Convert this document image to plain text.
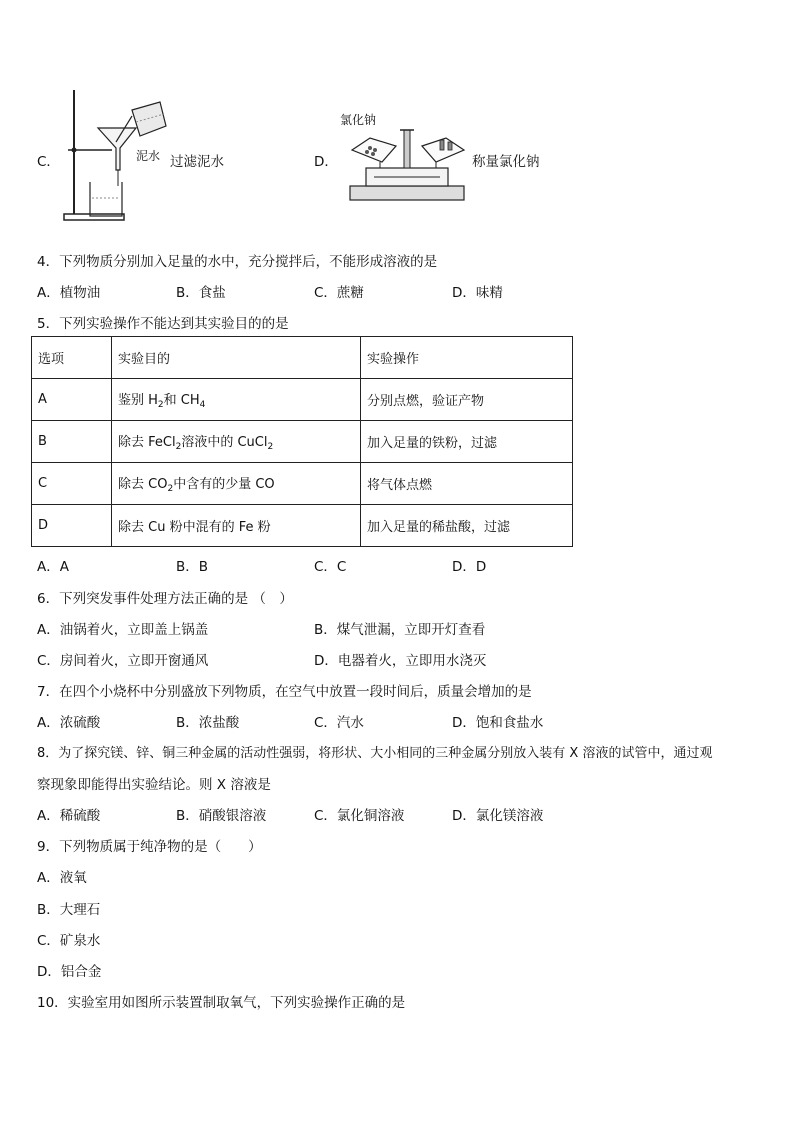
C．	泥水 过滤泥水	D．
氯化钠
称量氯化钠
4．下列物质分别加入足量的水中，充分搅拌后，不能形成溶液的是
A．植物油	B．食盐	C．蔗糖	D．味精
5．下列实验操作不能达到其实验目的的是
选项	实验目的	实验操作
A	鉴别 $H_2$和 $CH_4$	分别点燃，验证产物
B	除去 FeCl$_2$溶液中的 CuCl$_2$	加入足量的铁粉，过滤
C	除去 $CO_2$中含有的少量 CO	将气体点燃
D	除去 Cu 粉中混有的 Fe 粉	加入足量的稀盐酸，过滤
A．A	B．B	C．C	D．D
6．下列突发事件处理方法正确的是 （　）
A．油锅着火，立即盖上锅盖	B．煤气泄漏，立即开灯查看
C．房间着火，立即开窗通风	D．电器着火，立即用水浇灭
7．在四个小烧杯中分别盛放下列物质，在空气中放置一段时间后，质量会增加的是
A．浓硫酸	B．浓盐酸	C．汽水	D．饱和食盐水
8．为了探究镁、锌、铜三种金属的活动性强弱，将形状、大小相同的三种金属分别放入装有 X 溶液的试管中，通过观
察现象即能得出实验结论。则 X 溶液是
A．稀硫酸	B．硝酸银溶液	C．氯化铜溶液	D．氯化镁溶液
9．下列物质属于纯净物的是（　　）
A．液氧
B．大理石
C．矿泉水
D．铝合金
10．实验室用如图所示装置制取氧气，下列实验操作正确的是
